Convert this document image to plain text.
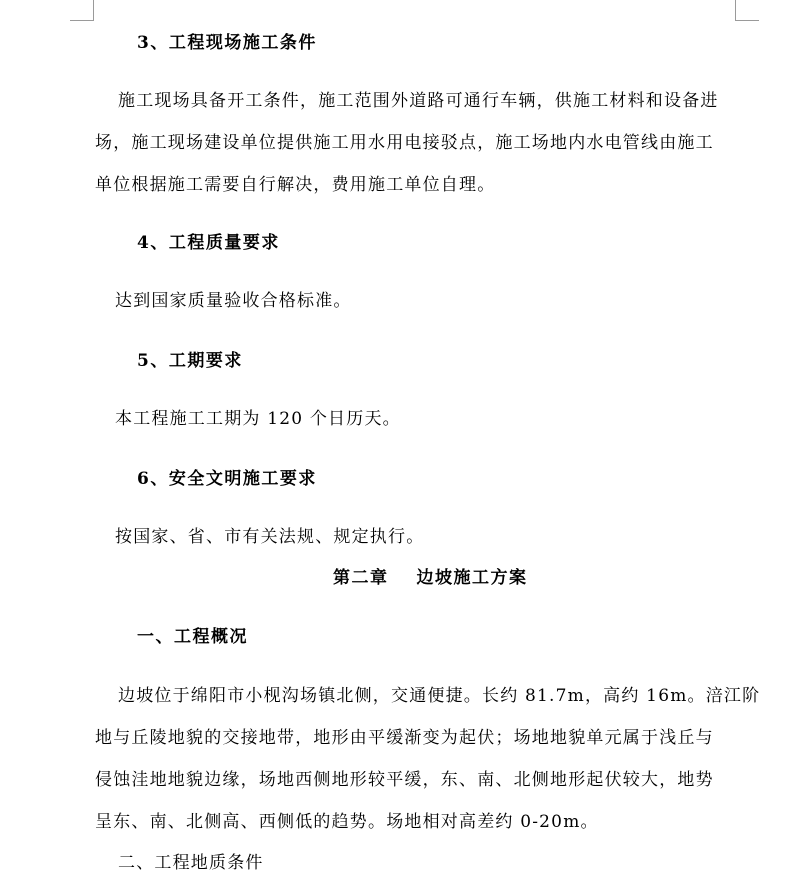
3、工程现场施工条件
施工现场具备开工条件，施工范围外道路可通行车辆，供施工材料和设备进
场，施工现场建设单位提供施工用水用电接驳点，施工场地内水电管线由施工
单位根据施工需要自行解决，费用施工单位自理。
4、工程质量要求
达到国家质量验收合格标准。
5、工期要求
本工程施工工期为 120 个日历天。
6、安全文明施工要求
按国家、省、市有关法规、规定执行。
第二章 边坡施工方案
一、工程概况
边坡位于绵阳市小枧沟场镇北侧，交通便捷。长约 81.7m，高约 16m。涪江阶
地与丘陵地貌的交接地带，地形由平缓渐变为起伏；场地地貌单元属于浅丘与
侵蚀洼地地貌边缘，场地西侧地形较平缓，东、南、北侧地形起伏较大，地势
呈东、南、北侧高、西侧低的趋势。场地相对高差约 0-20m。
二、工程地质条件
